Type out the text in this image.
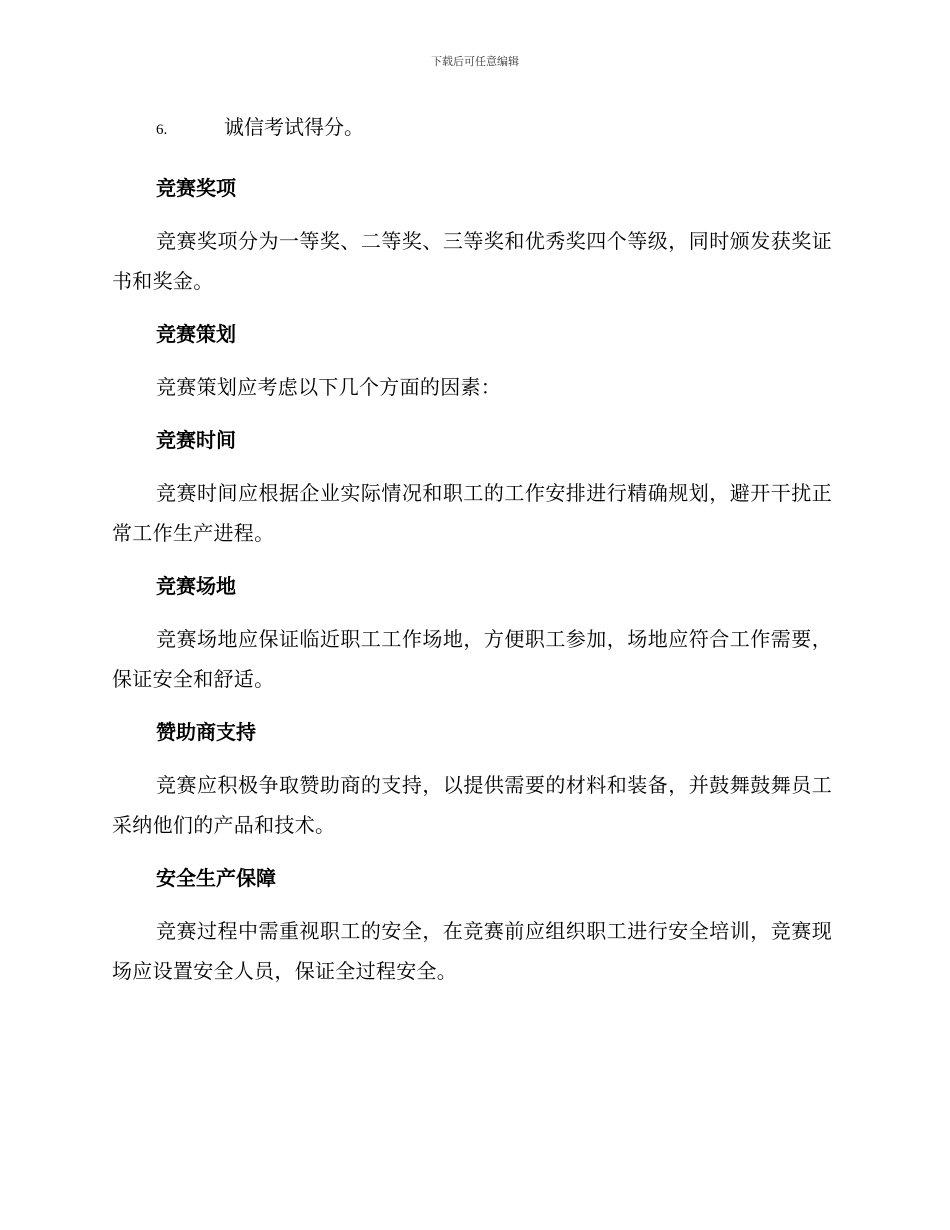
下载后可任意编辑
6.	诚信考试得分。
竞赛奖项

竞赛奖项分为一等奖、二等奖、三等奖和优秀奖四个等级，同时颁发获奖证书和奖金。

竞赛策划

竞赛策划应考虑以下几个方面的因素：

竞赛时间

竞赛时间应根据企业实际情况和职工的工作安排进行精确规划，避开干扰正常工作生产进程。

竞赛场地

竞赛场地应保证临近职工工作场地，方便职工参加，场地应符合工作需要，保证安全和舒适。

赞助商支持

竞赛应积极争取赞助商的支持，以提供需要的材料和装备，并鼓舞鼓舞员工采纳他们的产品和技术。

安全生产保障

竞赛过程中需重视职工的安全，在竞赛前应组织职工进行安全培训，竞赛现场应设置安全人员，保证全过程安全。
